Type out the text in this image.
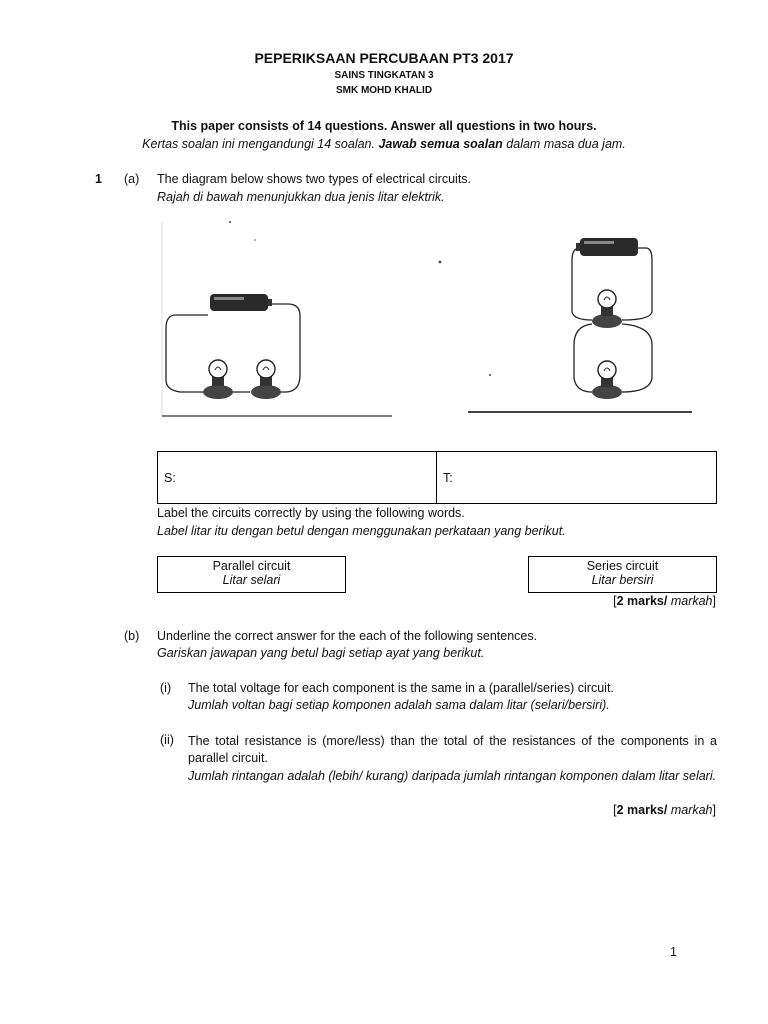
PEPERIKSAAN PERCUBAAN PT3 2017
SAINS TINGKATAN 3
SMK MOHD KHALID
This paper consists of 14 questions. Answer all questions in two hours.
Kertas soalan ini mengandungi 14 soalan. Jawab semua soalan dalam masa dua jam.
1 (a) The diagram below shows two types of electrical circuits.
Rajah di bawah menunjukkan dua jenis litar elektrik.
S:	T:
Label the circuits correctly by using the following words.
Label litar itu dengan betul dengan menggunakan perkataan yang berikut.
Parallel circuit
Litar selari
Series circuit
Litar bersiri
[2 marks/ markah]
(b) Underline the correct answer for the each of the following sentences.
Gariskan jawapan yang betul bagi setiap ayat yang berikut.
(i) The total voltage for each component is the same in a (parallel/series) circuit.
Jumlah voltan bagi setiap komponen adalah sama dalam litar (selari/bersiri).
(ii) The total resistance is (more/less) than the total of the resistances of the components in a parallel circuit.
Jumlah rintangan adalah (lebih/ kurang) daripada jumlah rintangan komponen dalam litar selari.
[2 marks/ markah]
1
